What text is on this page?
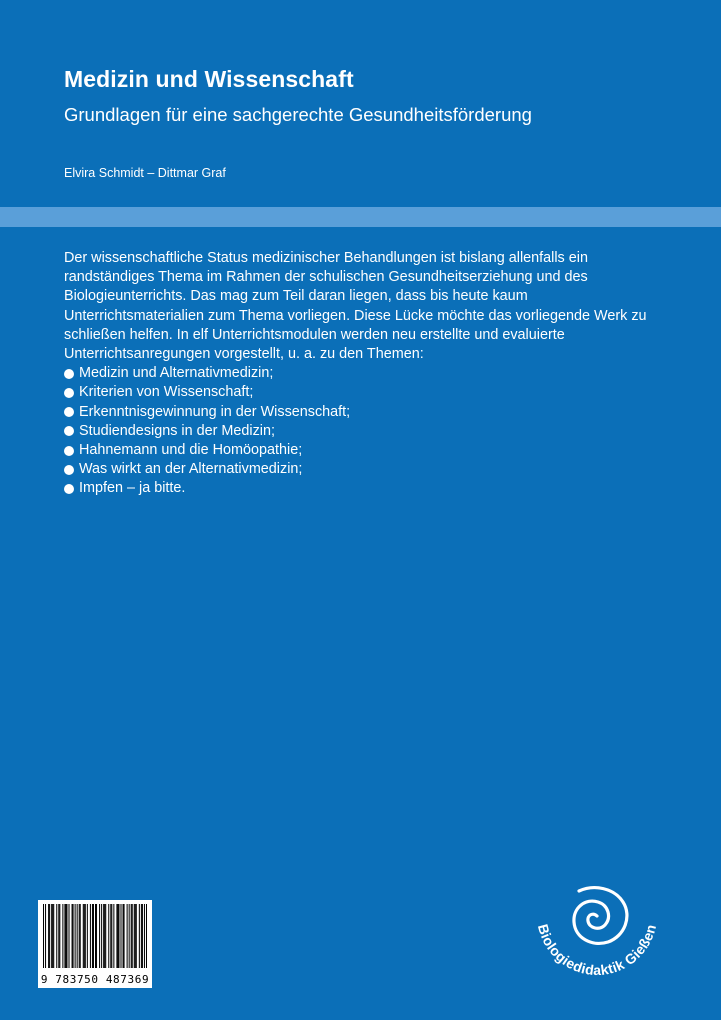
Medizin und Wissenschaft
Grundlagen für eine sachgerechte Gesundheitsförderung

Elvira Schmidt – Dittmar Graf

Der wissenschaftliche Status medizinischer Behandlungen ist bislang allenfalls ein randständiges Thema im Rahmen der schulischen Gesundheitserziehung und des Biologieunterrichts. Das mag zum Teil daran liegen, dass bis heute kaum Unterrichtsmaterialien zum Thema vorliegen. Diese Lücke möchte das vorliegende Werk zu schließen helfen. In elf Unterrichtsmodulen werden neu erstellte und evaluierte Unterrichtsanregungen vorgestellt, u. a. zu den Themen:

Medizin und Alternativmedizin;
Kriterien von Wissenschaft;
Erkenntnisgewinnung in der Wissenschaft;
Studiendesigns in der Medizin;
Hahnemann und die Homöopathie;
Was wirkt an der Alternativmedizin;
Impfen – ja bitte.
9 783750 487369
Biologiedidaktik Gießen
